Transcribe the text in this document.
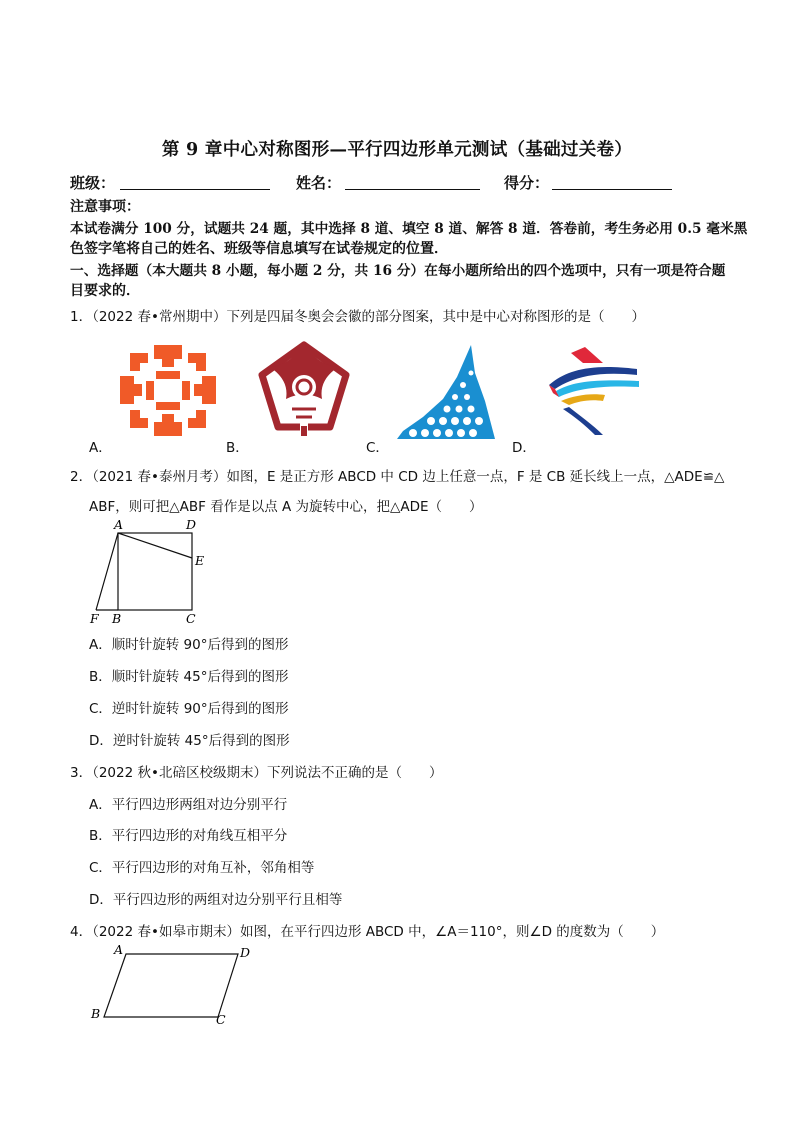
第 9 章中心对称图形—平行四边形单元测试（基础过关卷）
班级：	姓名：	得分：
注意事项：
本试卷满分 100 分，试题共 24 题，其中选择 8 道、填空 8 道、解答 8 道．答卷前，考生务必用 0.5 毫米黑
色签字笔将自己的姓名、班级等信息填写在试卷规定的位置．
一、选择题（本大题共 8 小题，每小题 2 分，共 16 分）在每小题所给出的四个选项中，只有一项是符合题
目要求的．
1．（2022 春•常州期中）下列是四届冬奥会会徽的部分图案，其中是中心对称图形的是（　　）
A．	B．	C．	D．
2．（2021 春•泰州月考）如图，E 是正方形 ABCD 中 CD 边上任意一点，F 是 CB 延长线上一点，△ADE≌△
ABF，则可把△ABF 看作是以点 A 为旋转中心，把△ADE（　　）
A	D
E
F B	C
A．顺时针旋转 90°后得到的图形
B．顺时针旋转 45°后得到的图形
C．逆时针旋转 90°后得到的图形
D．逆时针旋转 45°后得到的图形
3．（2022 秋•北碚区校级期末）下列说法不正确的是（　　）
A．平行四边形两组对边分别平行
B．平行四边形的对角线互相平分
C．平行四边形的对角互补，邻角相等
D．平行四边形的两组对边分别平行且相等
4．（2022 春•如皋市期末）如图，在平行四边形 ABCD 中，∠A＝110°，则∠D 的度数为（　　）
A	D
B	C
